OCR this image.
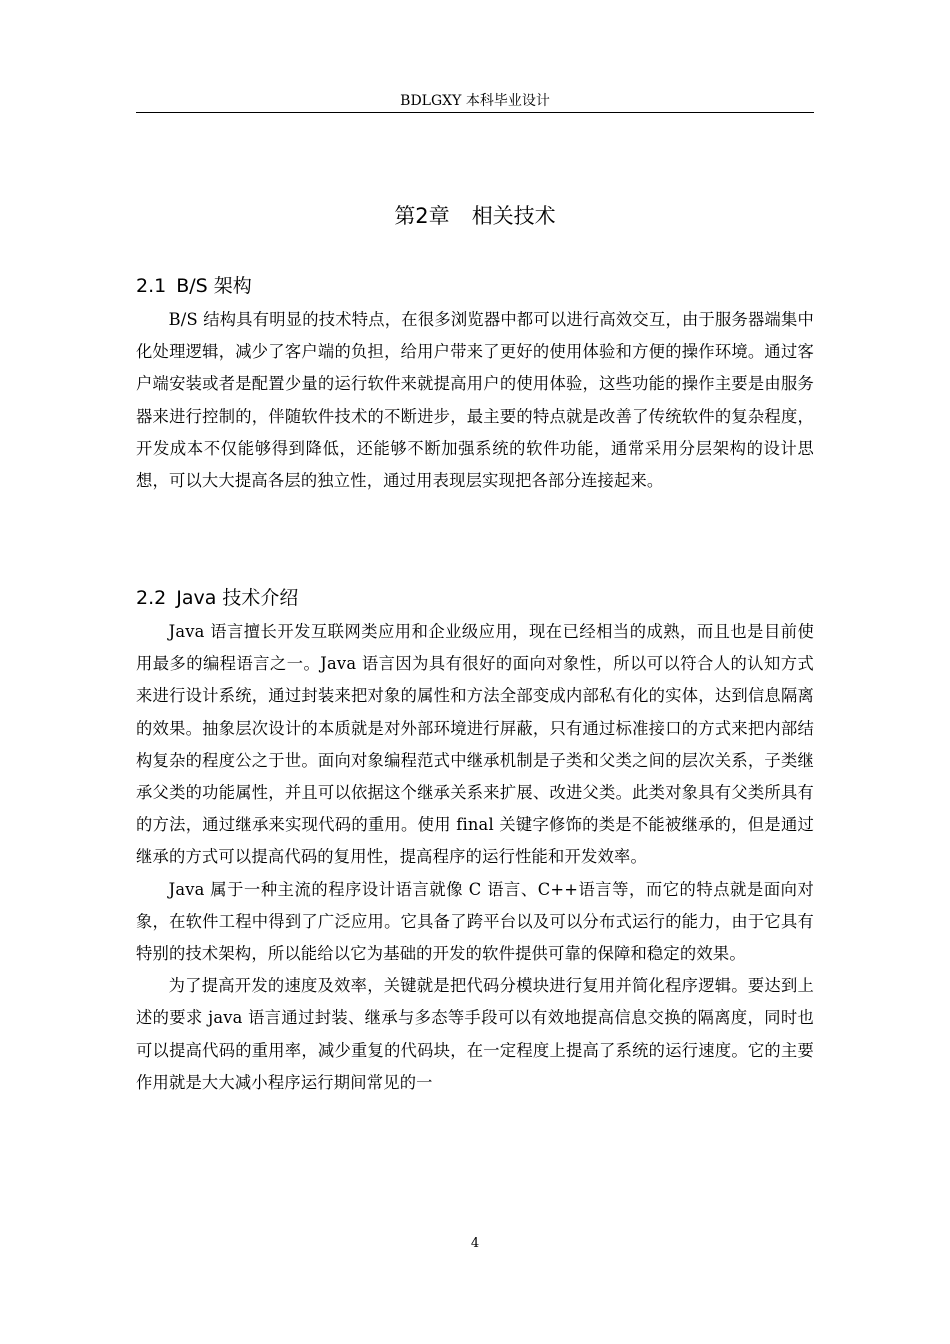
BDLGXY 本科毕业设计
第2章 相关技术
2.1 B/S 架构

B/S 结构具有明显的技术特点，在很多浏览器中都可以进行高效交互，由于服务器端集中化处理逻辑，减少了客户端的负担，给用户带来了更好的使用体验和方便的操作环境。通过客户端安装或者是配置少量的运行软件来就提高用户的使用体验，这些功能的操作主要是由服务器来进行控制的，伴随软件技术的不断进步，最主要的特点就是改善了传统软件的复杂程度，开发成本不仅能够得到降低，还能够不断加强系统的软件功能，通常采用分层架构的设计思想，可以大大提高各层的独立性，通过用表现层实现把各部分连接起来。

2.2 Java 技术介绍

Java 语言擅长开发互联网类应用和企业级应用，现在已经相当的成熟，而且也是目前使用最多的编程语言之一。Java 语言因为具有很好的面向对象性，所以可以符合人的认知方式来进行设计系统，通过封装来把对象的属性和方法全部变成内部私有化的实体，达到信息隔离的效果。抽象层次设计的本质就是对外部环境进行屏蔽，只有通过标准接口的方式来把内部结构复杂的程度公之于世。面向对象编程范式中继承机制是子类和父类之间的层次关系，子类继承父类的功能属性，并且可以依据这个继承关系来扩展、改进父类。此类对象具有父类所具有的方法，通过继承来实现代码的重用。使用 final 关键字修饰的类是不能被继承的，但是通过继承的方式可以提高代码的复用性，提高程序的运行性能和开发效率。

Java 属于一种主流的程序设计语言就像 C 语言、C++语言等，而它的特点就是面向对象，在软件工程中得到了广泛应用。它具备了跨平台以及可以分布式运行的能力，由于它具有特别的技术架构，所以能给以它为基础的开发的软件提供可靠的保障和稳定的效果。

为了提高开发的速度及效率，关键就是把代码分模块进行复用并简化程序逻辑。要达到上述的要求 java 语言通过封装、继承与多态等手段可以有效地提高信息交换的隔离度，同时也可以提高代码的重用率，减少重复的代码块，在一定程度上提高了系统的运行速度。它的主要作用就是大大减小程序运行期间常见的一

4
